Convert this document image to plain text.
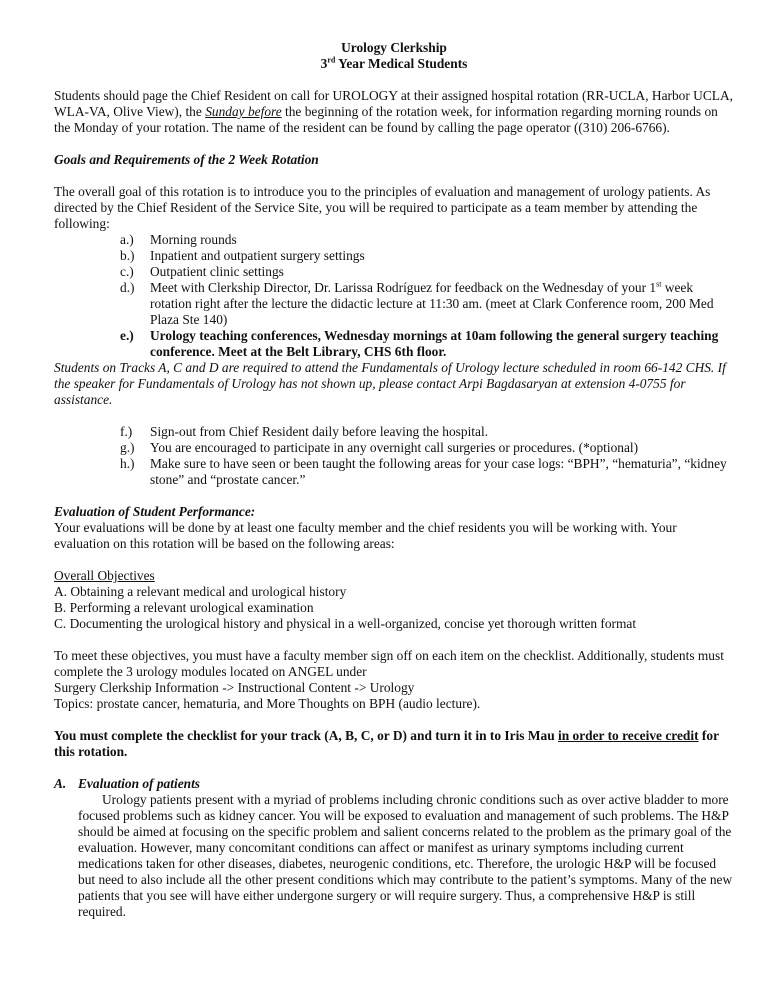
Urology Clerkship

3rd Year Medical Students

Students should page the Chief Resident on call for UROLOGY at their assigned hospital rotation (RR-UCLA, Harbor UCLA, WLA-VA, Olive View), the Sunday before the beginning of the rotation week, for information regarding morning rounds on the Monday of your rotation. The name of the resident can be found by calling the page operator ((310) 206-6766).

Goals and Requirements of the 2 Week Rotation

The overall goal of this rotation is to introduce you to the principles of evaluation and management of urology patients. As directed by the Chief Resident of the Service Site, you will be required to participate as a team member by attending the following:

a.) Morning rounds
b.) Inpatient and outpatient surgery settings
c.) Outpatient clinic settings
d.) Meet with Clerkship Director, Dr. Larissa Rodríguez for feedback on the Wednesday of your 1st week rotation right after the lecture the didactic lecture at 11:30 am. (meet at Clark Conference room, 200 Med Plaza Ste 140)
e.) Urology teaching conferences, Wednesday mornings at 10am following the general surgery teaching conference. Meet at the Belt Library, CHS 6th floor.

Students on Tracks A, C and D are required to attend the Fundamentals of Urology lecture scheduled in room 66-142 CHS. If the speaker for Fundamentals of Urology has not shown up, please contact Arpi Bagdasaryan at extension 4-0755 for assistance.

f.) Sign-out from Chief Resident daily before leaving the hospital.
g.) You are encouraged to participate in any overnight call surgeries or procedures. (*optional)
h.) Make sure to have seen or been taught the following areas for your case logs: “BPH”, “hematuria”, “kidney stone” and “prostate cancer.”

Evaluation of Student Performance:

Your evaluations will be done by at least one faculty member and the chief residents you will be working with. Your evaluation on this rotation will be based on the following areas:

Overall Objectives

A. Obtaining a relevant medical and urological history

B. Performing a relevant urological examination

C. Documenting the urological history and physical in a well-organized, concise yet thorough written format

To meet these objectives, you must have a faculty member sign off on each item on the checklist. Additionally, students must complete the 3 urology modules located on ANGEL under

Surgery Clerkship Information -> Instructional Content -> Urology

Topics: prostate cancer, hematuria, and More Thoughts on BPH (audio lecture).

You must complete the checklist for your track (A, B, C, or D) and turn it in to Iris Mau in order to receive credit for this rotation.

A. Evaluation of patients

Urology patients present with a myriad of problems including chronic conditions such as over active bladder to more focused problems such as kidney cancer. You will be exposed to evaluation and management of such problems. The H&P should be aimed at focusing on the specific problem and salient concerns related to the problem as the primary goal of the evaluation. However, many concomitant conditions can affect or manifest as urinary symptoms including current medications taken for other diseases, diabetes, neurogenic conditions, etc. Therefore, the urologic H&P will be focused but need to also include all the other present conditions which may contribute to the patient’s symptoms. Many of the new patients that you see will have either undergone surgery or will require surgery. Thus, a comprehensive H&P is still required.
